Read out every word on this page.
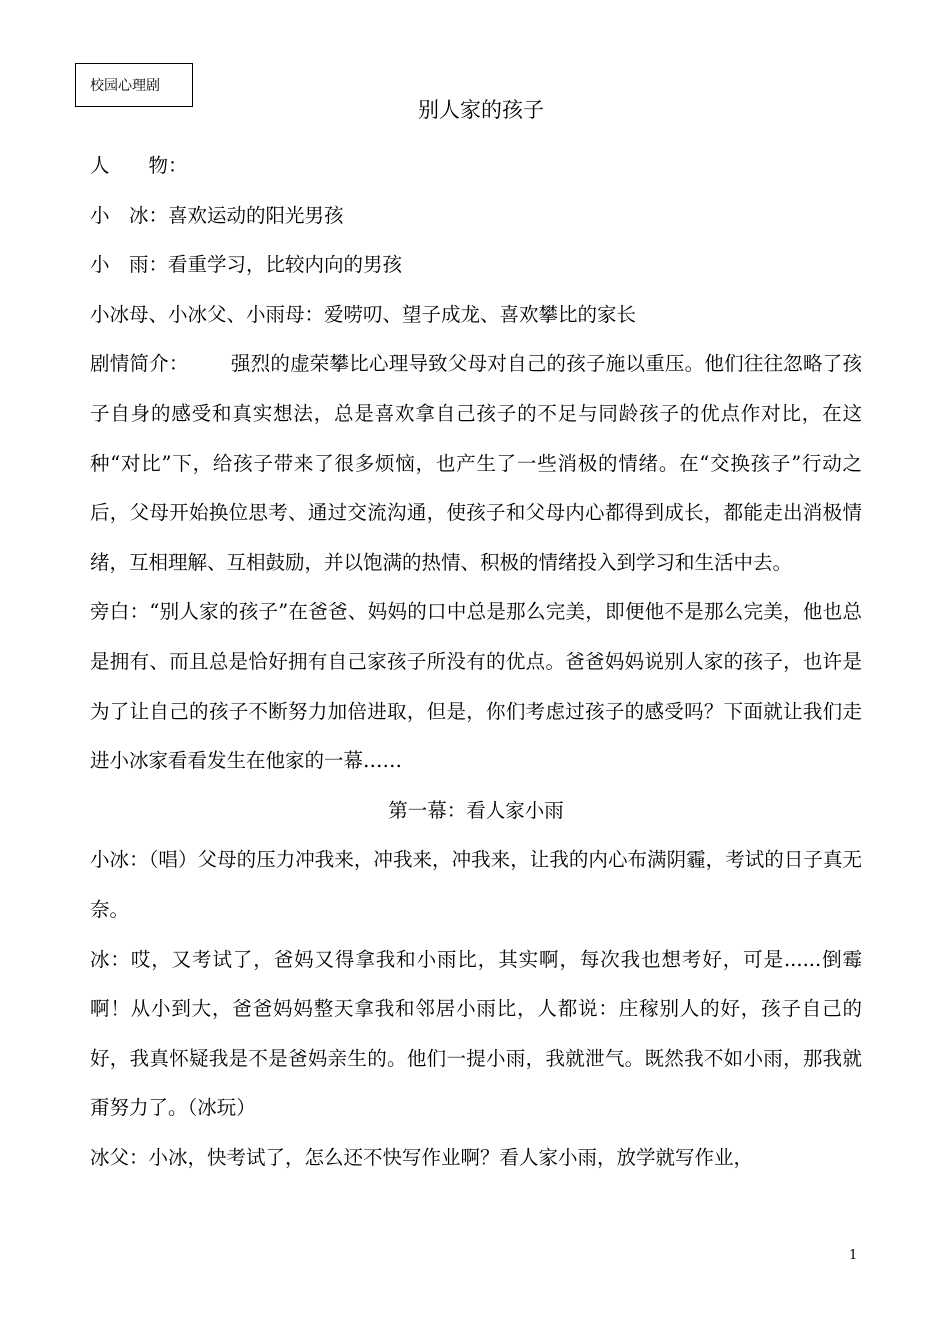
校园心理剧
别人家的孩子

人　　物：

小　冰：喜欢运动的阳光男孩

小　雨：看重学习，比较内向的男孩

小冰母、小冰父、小雨母：爱唠叨、望子成龙、喜欢攀比的家长

剧情简介： 强烈的虚荣攀比心理导致父母对自己的孩子施以重压。他们往往忽略了孩子自身的感受和真实想法，总是喜欢拿自己孩子的不足与同龄孩子的优点作对比，在这种“对比”下，给孩子带来了很多烦恼，也产生了一些消极的情绪。在“交换孩子”行动之后，父母开始换位思考、通过交流沟通，使孩子和父母内心都得到成长，都能走出消极情绪，互相理解、互相鼓励，并以饱满的热情、积极的情绪投入到学习和生活中去。

旁白：“别人家的孩子”在爸爸、妈妈的口中总是那么完美，即便他不是那么完美，他也总是拥有、而且总是恰好拥有自己家孩子所没有的优点。爸爸妈妈说别人家的孩子，也许是为了让自己的孩子不断努力加倍进取，但是，你们考虑过孩子的感受吗？下面就让我们走进小冰家看看发生在他家的一幕……

第一幕：看人家小雨

小冰：（唱）父母的压力冲我来，冲我来，冲我来，让我的内心布满阴霾，考试的日子真无奈。

冰：哎，又考试了，爸妈又得拿我和小雨比，其实啊，每次我也想考好，可是......倒霉啊！从小到大，爸爸妈妈整天拿我和邻居小雨比，人都说：庄稼别人的好，孩子自己的好，我真怀疑我是不是爸妈亲生的。他们一提小雨，我就泄气。既然我不如小雨，那我就甭努力了。（冰玩）

冰父：小冰，快考试了，怎么还不快写作业啊？看人家小雨，放学就写作业，

1
